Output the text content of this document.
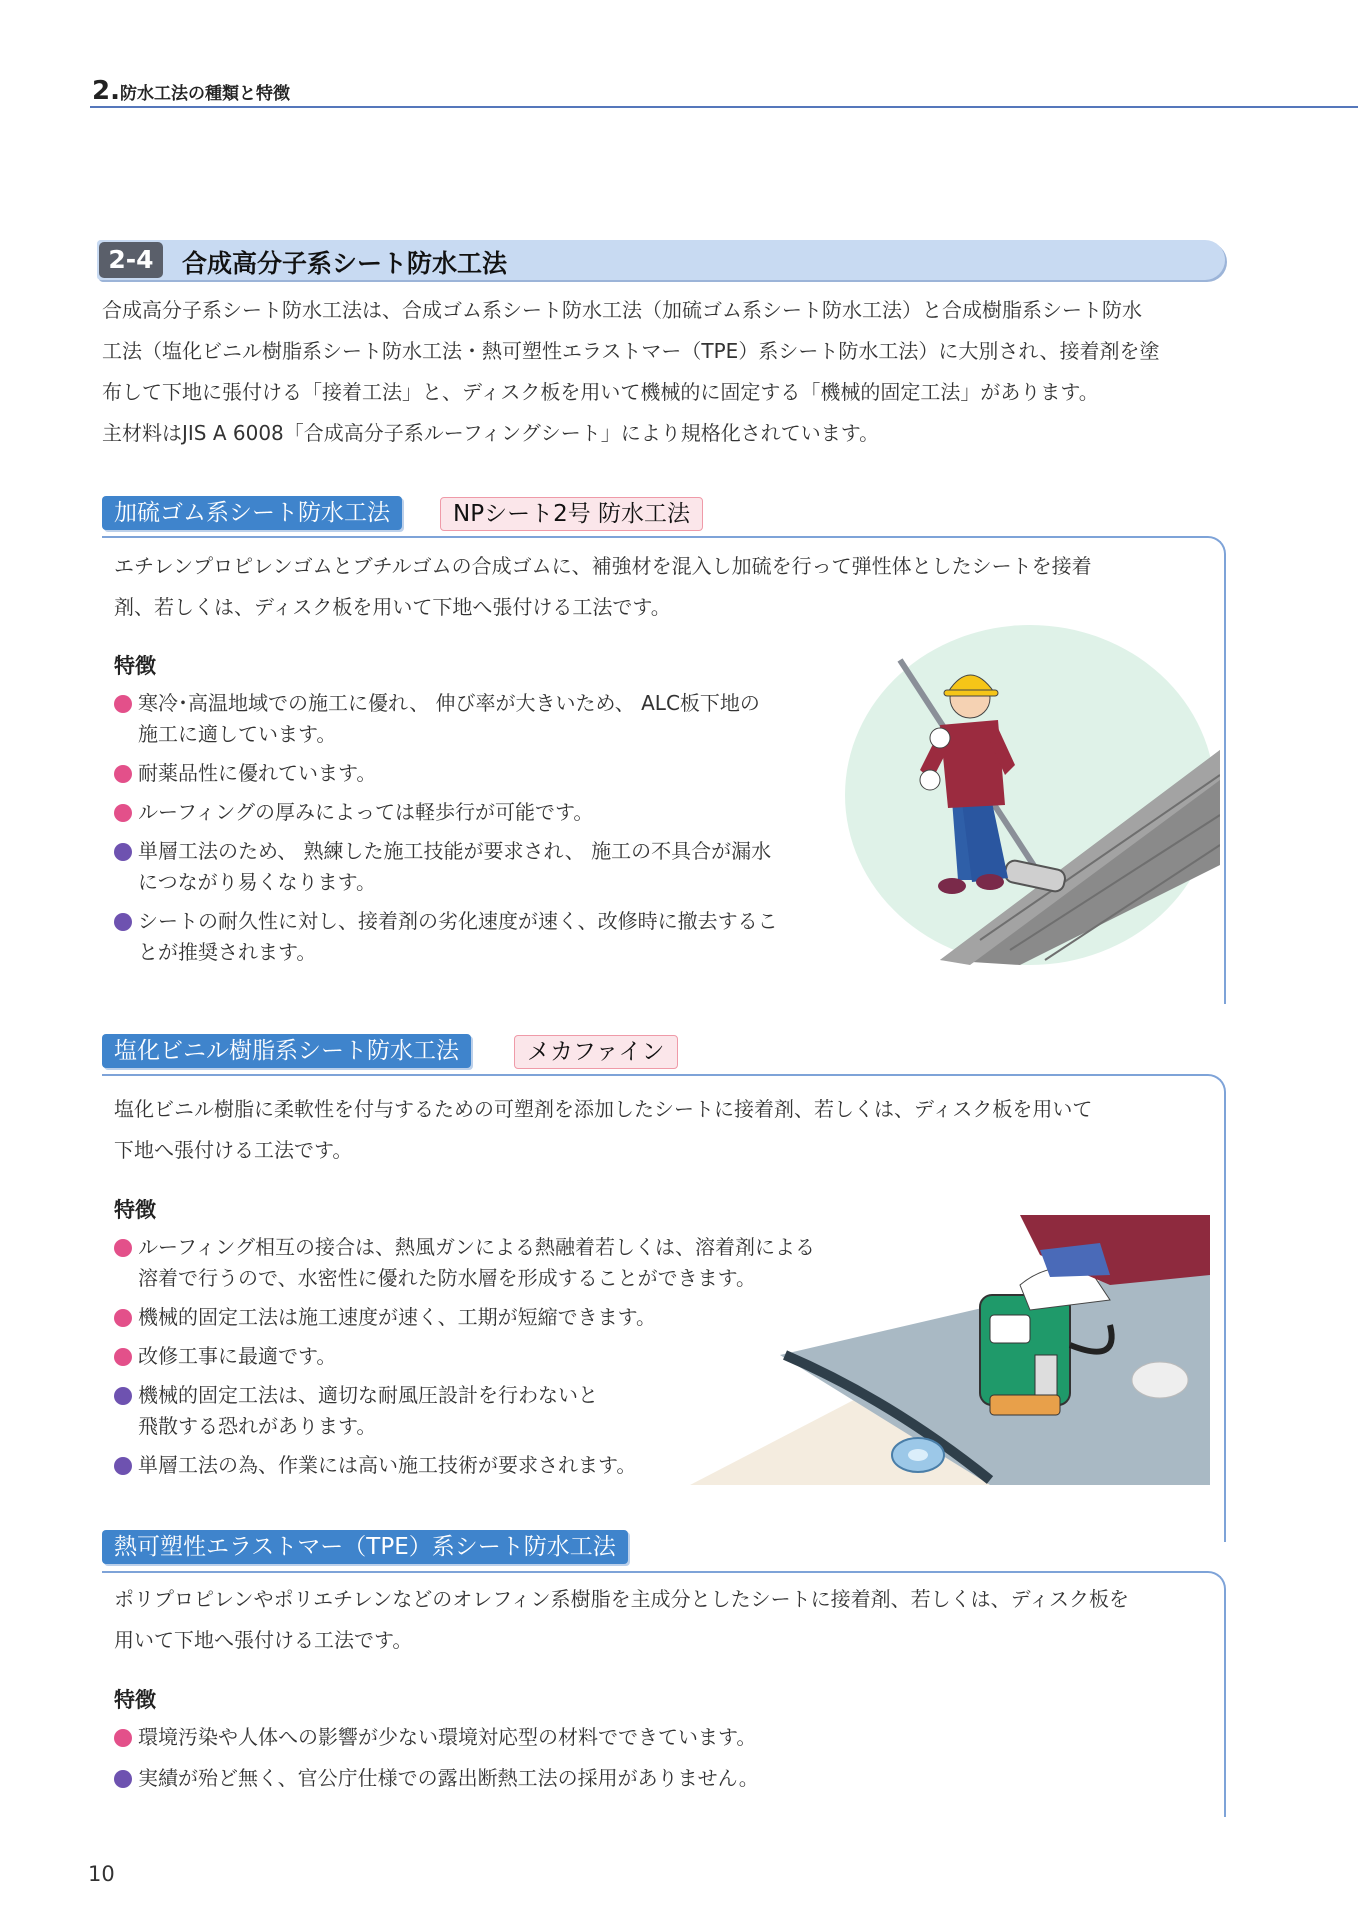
2.防水工法の種類と特徴
2-4	合成高分子系シート防水工法

合成高分子系シート防水工法は、合成ゴム系シート防水工法（加硫ゴム系シート防水工法）と合成樹脂系シート防水

工法（塩化ビニル樹脂系シート防水工法・熱可塑性エラストマー（TPE）系シート防水工法）に大別され、接着剤を塗

布して下地に張付ける「接着工法」と、ディスク板を用いて機械的に固定する「機械的固定工法」があります。

主材料はJIS A 6008「合成高分子系ルーフィングシート」により規格化されています。

加硫ゴム系シート防水工法	NPシート2号 防水工法

エチレンプロピレンゴムとブチルゴムの合成ゴムに、補強材を混入し加硫を行って弾性体としたシートを接着

剤、若しくは、ディスク板を用いて下地へ張付ける工法です。

特徴
寒冷･高温地域での施工に優れ、 伸び率が大きいため、 ALC板下地の
施工に適しています。
耐薬品性に優れています。
ルーフィングの厚みによっては軽歩行が可能です。
単層工法のため、 熟練した施工技能が要求され、 施工の不具合が漏水
につながり易くなります。
シートの耐久性に対し、接着剤の劣化速度が速く、改修時に撤去するこ
とが推奨されます。
塩化ビニル樹脂系シート防水工法	メカファイン

塩化ビニル樹脂に柔軟性を付与するための可塑剤を添加したシートに接着剤、若しくは、ディスク板を用いて

下地へ張付ける工法です。

特徴
ルーフィング相互の接合は、熱風ガンによる熱融着若しくは、溶着剤による
溶着で行うので、水密性に優れた防水層を形成することができます。
機械的固定工法は施工速度が速く、工期が短縮できます。
改修工事に最適です。
機械的固定工法は、適切な耐風圧設計を行わないと
飛散する恐れがあります。
単層工法の為、作業には高い施工技術が要求されます。
熱可塑性エラストマー（TPE）系シート防水工法

ポリプロピレンやポリエチレンなどのオレフィン系樹脂を主成分としたシートに接着剤、若しくは、ディスク板を

用いて下地へ張付ける工法です。

特徴
環境汚染や人体への影響が少ない環境対応型の材料でできています。
実績が殆ど無く、官公庁仕様での露出断熱工法の採用がありません。
10
